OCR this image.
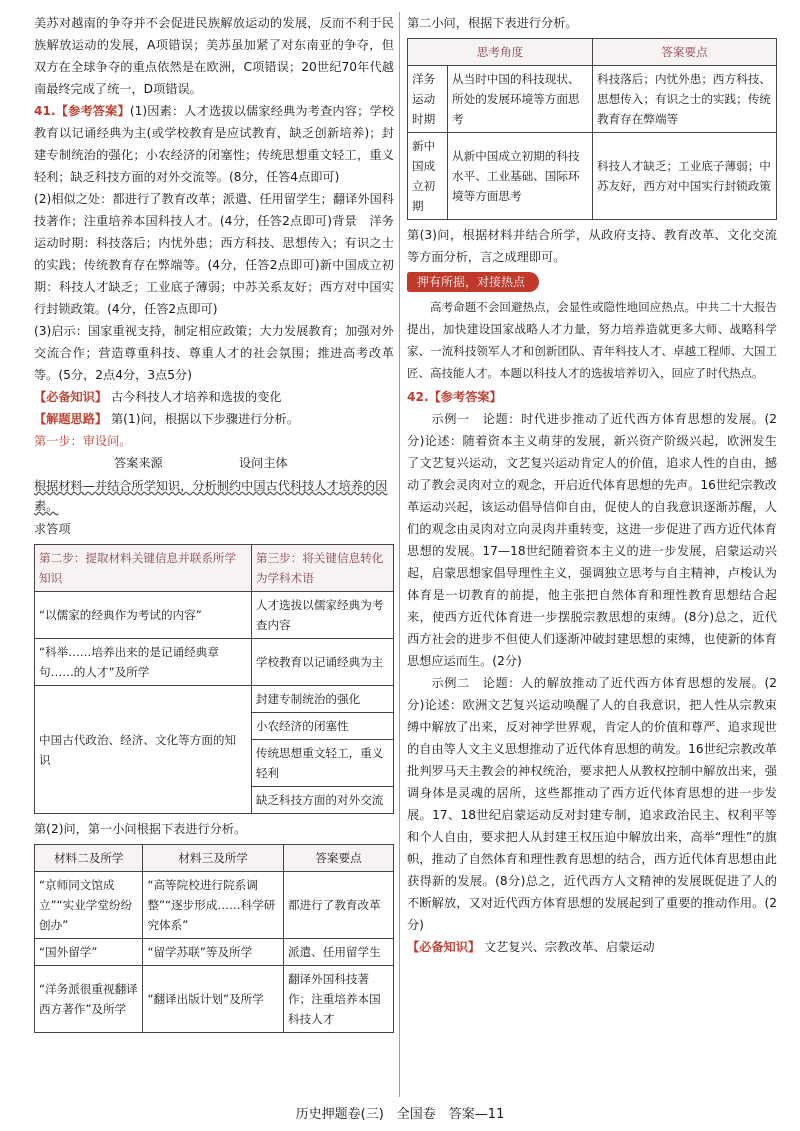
美苏对越南的争夺并不会促进民族解放运动的发展，反而不利于民族解放运动的发展，A项错误；美苏虽加紧了对东南亚的争夺，但双方在全球争夺的重点依然是在欧洲，C项错误；20世纪70年代越南最终完成了统一，D项错误。

41.【参考答案】(1)因素：人才选拔以儒家经典为考查内容；学校教育以记诵经典为主(或学校教育是应试教育，缺乏创新培养)；封建专制统治的强化；小农经济的闭塞性；传统思想重文轻工，重义轻利；缺乏科技方面的对外交流等。(8分，任答4点即可)

(2)相似之处：都进行了教育改革；派遣、任用留学生；翻译外国科技著作；注重培养本国科技人才。(4分，任答2点即可)背景　洋务运动时期：科技落后；内忧外患；西方科技、思想传入；有识之士的实践；传统教育存在弊端等。(4分，任答2点即可)新中国成立初期：科技人才缺乏；工业底子薄弱；中苏关系友好；西方对中国实行封锁政策。(4分，任答2点即可)

(3)启示：国家重视支持，制定相应政策；大力发展教育；加强对外交流合作；营造尊重科技、尊重人才的社会氛围；推进高考改革等。(5分，2点4分，3点5分)

【必备知识】 古今科技人才培养和选拔的变化

【解题思路】 第(1)问，根据以下步骤进行分析。

第一步：审设问。

答案来源	设问主体
根据材料—并结合所学知识，分析制约中国古代科技人才培养的因素。
求答项
第二步：提取材料关键信息并联系所学知识	第三步：将关键信息转化为学科术语
“以儒家的经典作为考试的内容”	人才选拔以儒家经典为考查内容
“科举……培养出来的是记诵经典章句……的人才”及所学	学校教育以记诵经典为主
中国古代政治、经济、文化等方面的知识	封建专制统治的强化
	小农经济的闭塞性
	传统思想重文轻工，重义轻利
	缺乏科技方面的对外交流

第(2)问，第一小问根据下表进行分析。

材料二及所学	材料三及所学	答案要点
“京师同文馆成立”“实业学堂纷纷创办”	“高等院校进行院系调整”“逐步形成……科学研究体系”	都进行了教育改革
“国外留学”	“留学苏联”等及所学	派遣、任用留学生
“洋务派很重视翻译西方著作”及所学	“翻译出版计划”及所学	翻译外国科技著作；注重培养本国科技人才

第二小问，根据下表进行分析。

思考角度		答案要点
洋务运动时期	从当时中国的科技现状、所处的发展环境等方面思考	科技落后；内忧外患；西方科技、思想传入；有识之士的实践；传统教育存在弊端等
新中国成立初期	从新中国成立初期的科技水平、工业基础、国际环境等方面思考	科技人才缺乏；工业底子薄弱；中苏友好，西方对中国实行封锁政策

第(3)问，根据材料并结合所学，从政府支持、教育改革、文化交流等方面分析，言之成理即可。

押有所据，对接热点

高考命题不会回避热点，会显性或隐性地回应热点。中共二十大报告提出，加快建设国家战略人才力量，努力培养造就更多大师、战略科学家、一流科技领军人才和创新团队、青年科技人才、卓越工程师、大国工匠、高技能人才。本题以科技人才的选拔培养切入，回应了时代热点。

42.【参考答案】

示例一　论题：时代进步推动了近代西方体育思想的发展。(2分)论述：随着资本主义萌芽的发展，新兴资产阶级兴起，欧洲发生了文艺复兴运动，文艺复兴运动肯定人的价值，追求人性的自由，撼动了教会灵肉对立的观念，开启近代体育思想的先声。16世纪宗教改革运动兴起，该运动倡导信仰自由，促使人的自我意识逐渐苏醒，人们的观念由灵肉对立向灵肉并重转变，这进一步促进了西方近代体育思想的发展。17—18世纪随着资本主义的进一步发展，启蒙运动兴起，启蒙思想家倡导理性主义，强调独立思考与自主精神，卢梭认为体育是一切教育的前提，他主张把自然体育和理性教育思想结合起来，使西方近代体育进一步摆脱宗教思想的束缚。(8分)总之，近代西方社会的进步不但使人们逐渐冲破封建思想的束缚，也使新的体育思想应运而生。(2分)

示例二　论题：人的解放推动了近代西方体育思想的发展。(2分)论述：欧洲文艺复兴运动唤醒了人的自我意识，把人性从宗教束缚中解放了出来，反对神学世界观，肯定人的价值和尊严、追求现世的自由等人文主义思想推动了近代体育思想的萌发。16世纪宗教改革批判罗马天主教会的神权统治，要求把人从教权控制中解放出来，强调身体是灵魂的居所，这些都推动了西方近代体育思想的进一步发展。17、18世纪启蒙运动反对封建专制，追求政治民主、权利平等和个人自由，要求把人从封建王权压迫中解放出来，高举“理性”的旗帜，推动了自然体育和理性教育思想的结合，西方近代体育思想由此获得新的发展。(8分)总之，近代西方人文精神的发展既促进了人的不断解放，又对近代西方体育思想的发展起到了重要的推动作用。(2分)

【必备知识】 文艺复兴、宗教改革、启蒙运动

历史押题卷(三)　全国卷　答案—11
